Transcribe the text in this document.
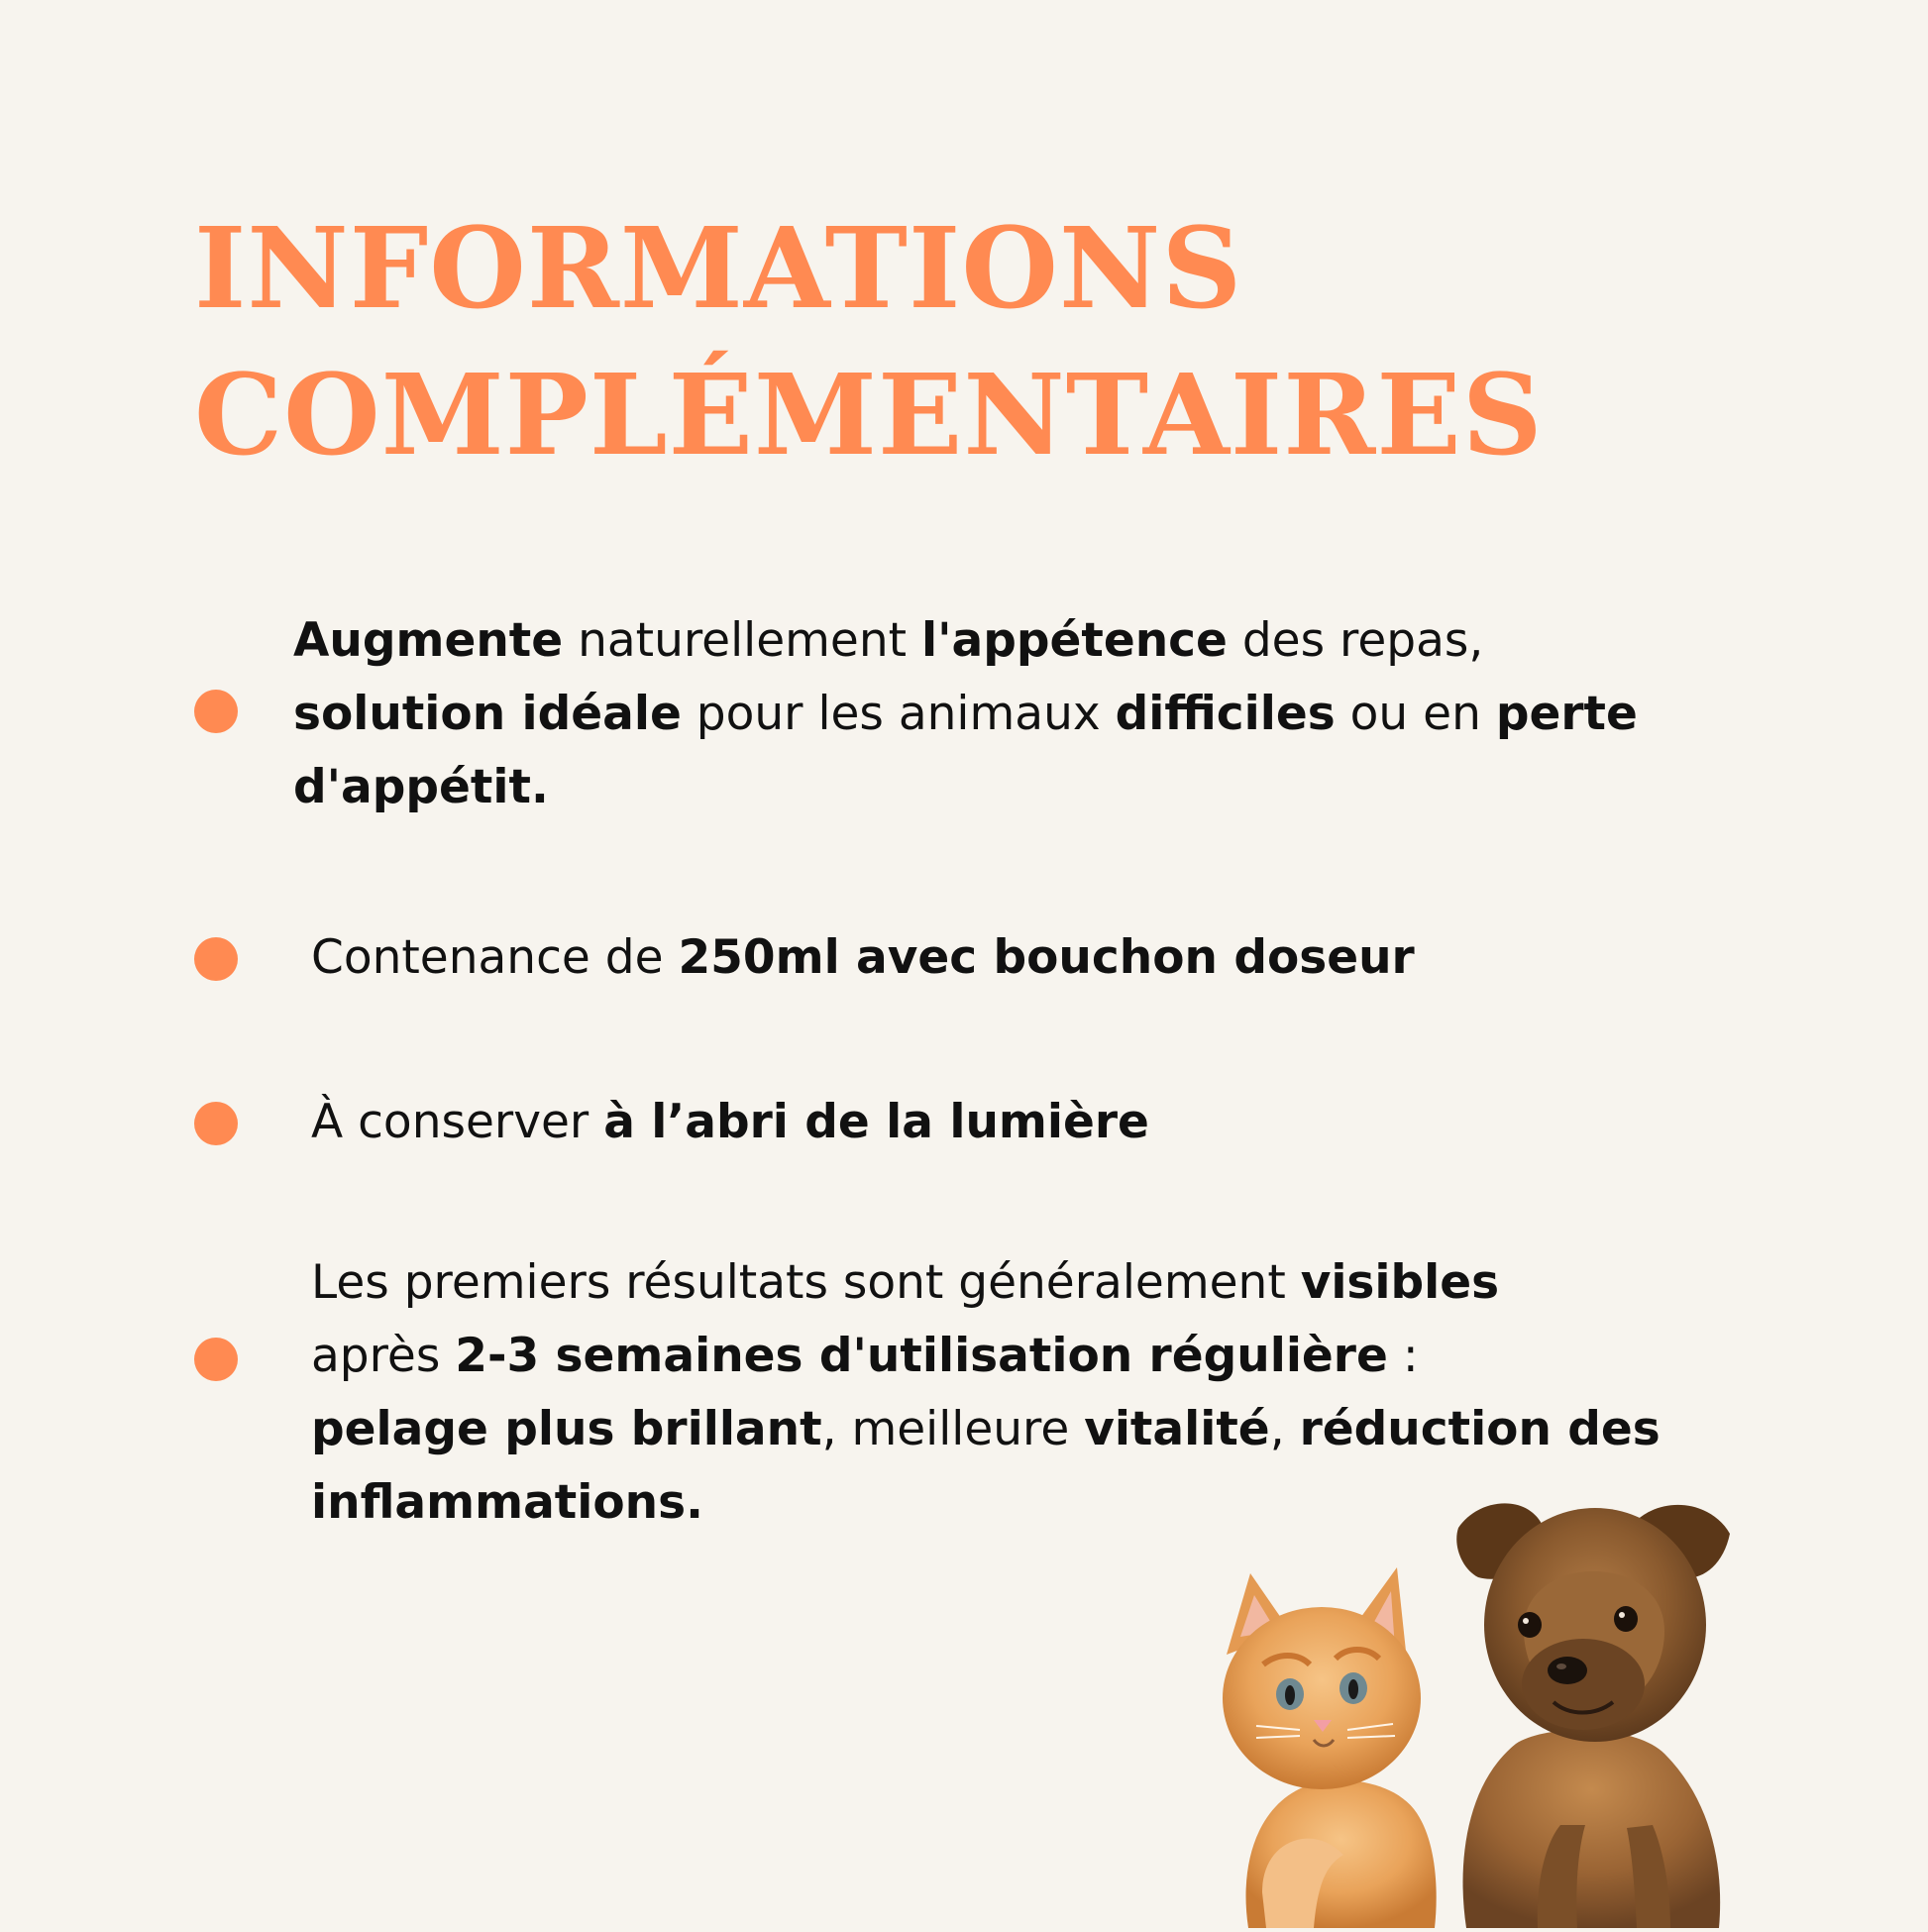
INFORMATIONS
COMPLÉMENTAIRES
Augmente naturellement l'appétence des repas,
solution idéale pour les animaux difficiles ou en perte
d'appétit.
Contenance de 250ml avec bouchon doseur
À conserver à l’abri de la lumière
Les premiers résultats sont généralement visibles
après 2-3 semaines d'utilisation régulière :
pelage plus brillant, meilleure vitalité, réduction des
inflammations.
